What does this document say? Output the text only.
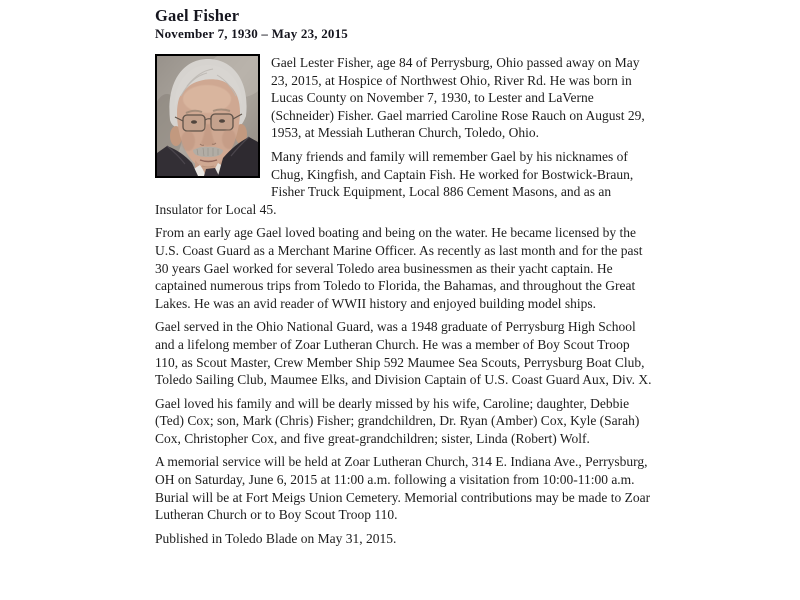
Gael Fisher
November 7, 1930 – May 23, 2015

Gael Lester Fisher, age 84 of Perrysburg, Ohio passed away on May 23, 2015, at Hospice of Northwest Ohio, River Rd. He was born in Lucas County on November 7, 1930, to Lester and LaVerne (Schneider) Fisher. Gael married Caroline Rose Rauch on August 29, 1953, at Messiah Lutheran Church, Toledo, Ohio.

Many friends and family will remember Gael by his nicknames of Chug, Kingfish, and Captain Fish. He worked for Bostwick-Braun, Fisher Truck Equipment, Local 886 Cement Masons, and as an Insulator for Local 45.

From an early age Gael loved boating and being on the water. He became licensed by the U.S. Coast Guard as a Merchant Marine Officer. As recently as last month and for the past 30 years Gael worked for several Toledo area businessmen as their yacht captain. He captained numerous trips from Toledo to Florida, the Bahamas, and throughout the Great Lakes. He was an avid reader of WWII history and enjoyed building model ships.

Gael served in the Ohio National Guard, was a 1948 graduate of Perrysburg High School and a lifelong member of Zoar Lutheran Church. He was a member of Boy Scout Troop 110, as Scout Master, Crew Member Ship 592 Maumee Sea Scouts, Perrysburg Boat Club, Toledo Sailing Club, Maumee Elks, and Division Captain of U.S. Coast Guard Aux, Div. X.

Gael loved his family and will be dearly missed by his wife, Caroline; daughter, Debbie (Ted) Cox; son, Mark (Chris) Fisher; grandchildren, Dr. Ryan (Amber) Cox, Kyle (Sarah) Cox, Christopher Cox, and five great-grandchildren; sister, Linda (Robert) Wolf.

A memorial service will be held at Zoar Lutheran Church, 314 E. Indiana Ave., Perrysburg, OH on Saturday, June 6, 2015 at 11:00 a.m. following a visitation from 10:00-11:00 a.m. Burial will be at Fort Meigs Union Cemetery. Memorial contributions may be made to Zoar Lutheran Church or to Boy Scout Troop 110.

Published in Toledo Blade on May 31, 2015.
